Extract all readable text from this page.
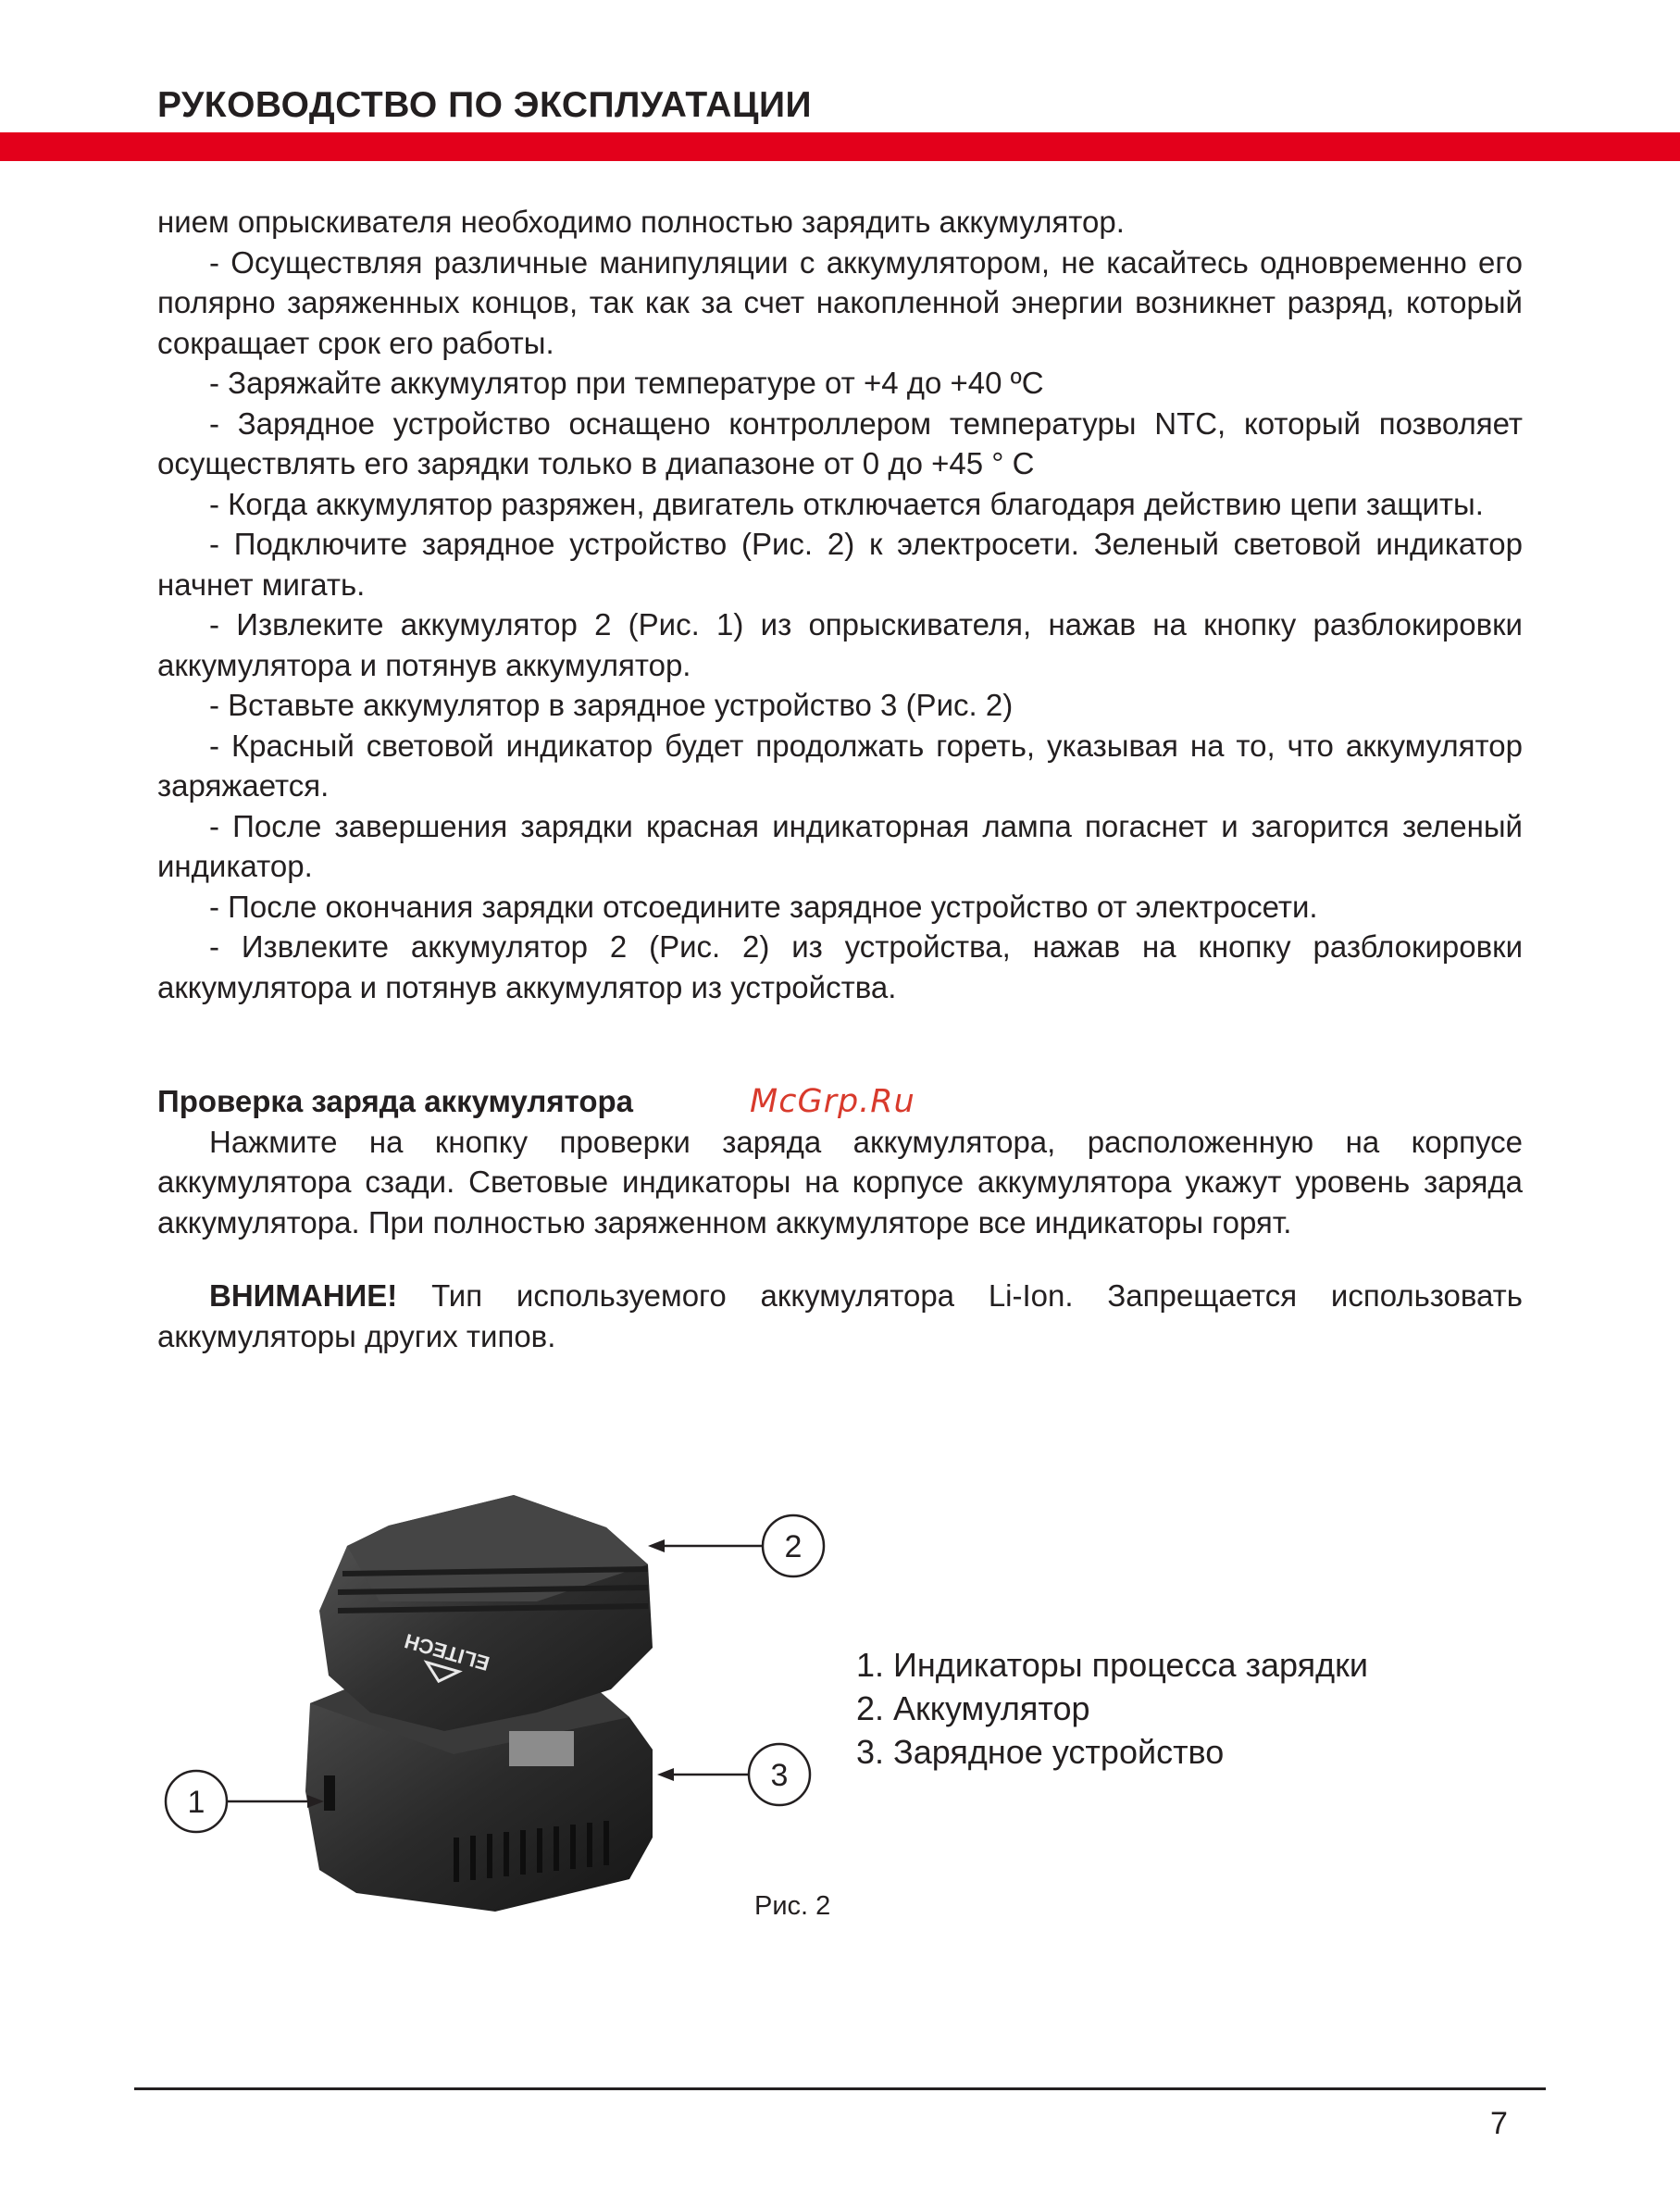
РУКОВОДСТВО ПО ЭКСПЛУАТАЦИИ

нием опрыскивателя необходимо полностью зарядить аккумулятор.

- Осуществляя различные манипуляции с аккумулятором, не касайтесь одновременно его полярно заряженных концов, так как за счет накопленной энергии возникнет разряд, который сокращает срок его работы.

- Заряжайте аккумулятор при температуре от +4 до +40 ºC

- Зарядное устройство оснащено контроллером температуры NTC, который позволяет осуществлять его зарядки только в диапазоне от 0 до +45 ° C

- Когда аккумулятор разряжен, двигатель отключается благодаря действию цепи защиты.

- Подключите зарядное устройство (Рис. 2) к электросети. Зеленый световой индикатор начнет мигать.

- Извлеките аккумулятор 2 (Рис. 1) из опрыскивателя, нажав на кнопку разблокировки аккумулятора и потянув аккумулятор.

- Вставьте аккумулятор в зарядное устройство 3 (Рис. 2)

- Красный световой индикатор будет продолжать гореть, указывая на то, что аккумулятор заряжается.

- После завершения зарядки красная индикаторная лампа погаснет и загорится зеленый индикатор.

- После окончания зарядки отсоедините зарядное устройство от электросети.

- Извлеките аккумулятор 2 (Рис. 2) из устройства, нажав на кнопку разблокировки аккумулятора и потянув аккумулятор из устройства.

Проверка заряда аккумулятора

Нажмите на кнопку проверки заряда аккумулятора, расположенную на корпусе аккумулятора сзади. Световые индикаторы на корпусе аккумулятора укажут уровень заряда аккумулятора. При полностью заряженном аккумуляторе все индикаторы горят.

McGrp.Ru

ВНИМАНИЕ! Тип используемого аккумулятора Li-Ion. Запрещается использовать аккумуляторы других типов.

ELITECH
2
3
1
1. Индикаторы процесса зарядки
2. Аккумулятор
3. Зарядное устройство
Рис. 2
7
